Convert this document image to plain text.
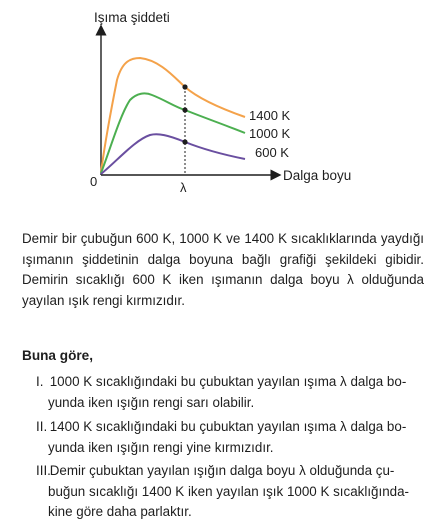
Işıma şiddeti
Dalga boyu
0	λ
1400 K
1000 K
600 K

Demir bir çubuğun 600 K, 1000 K ve 1400 K sıcaklıklarında yaydığı ışımanın şiddetinin dalga boyuna bağlı grafiği şekildeki gibidir. Demirin sıcaklığı 600 K iken ışımanın dalga boyu λ olduğunda yayılan ışık rengi kırmızıdır.

Buna göre,

I. 1000 K sıcaklığındaki bu çubuktan yayılan ışıma λ dalga bo-
yunda iken ışığın rengi sarı olabilir.

II. 1400 K sıcaklığındaki bu çubuktan yayılan ışıma λ dalga bo-
yunda iken ışığın rengi yine kırmızıdır.

III. Demir çubuktan yayılan ışığın dalga boyu λ olduğunda çu-
buğun sıcaklığı 1400 K iken yayılan ışık 1000 K sıcaklığında-
kine göre daha parlaktır.
